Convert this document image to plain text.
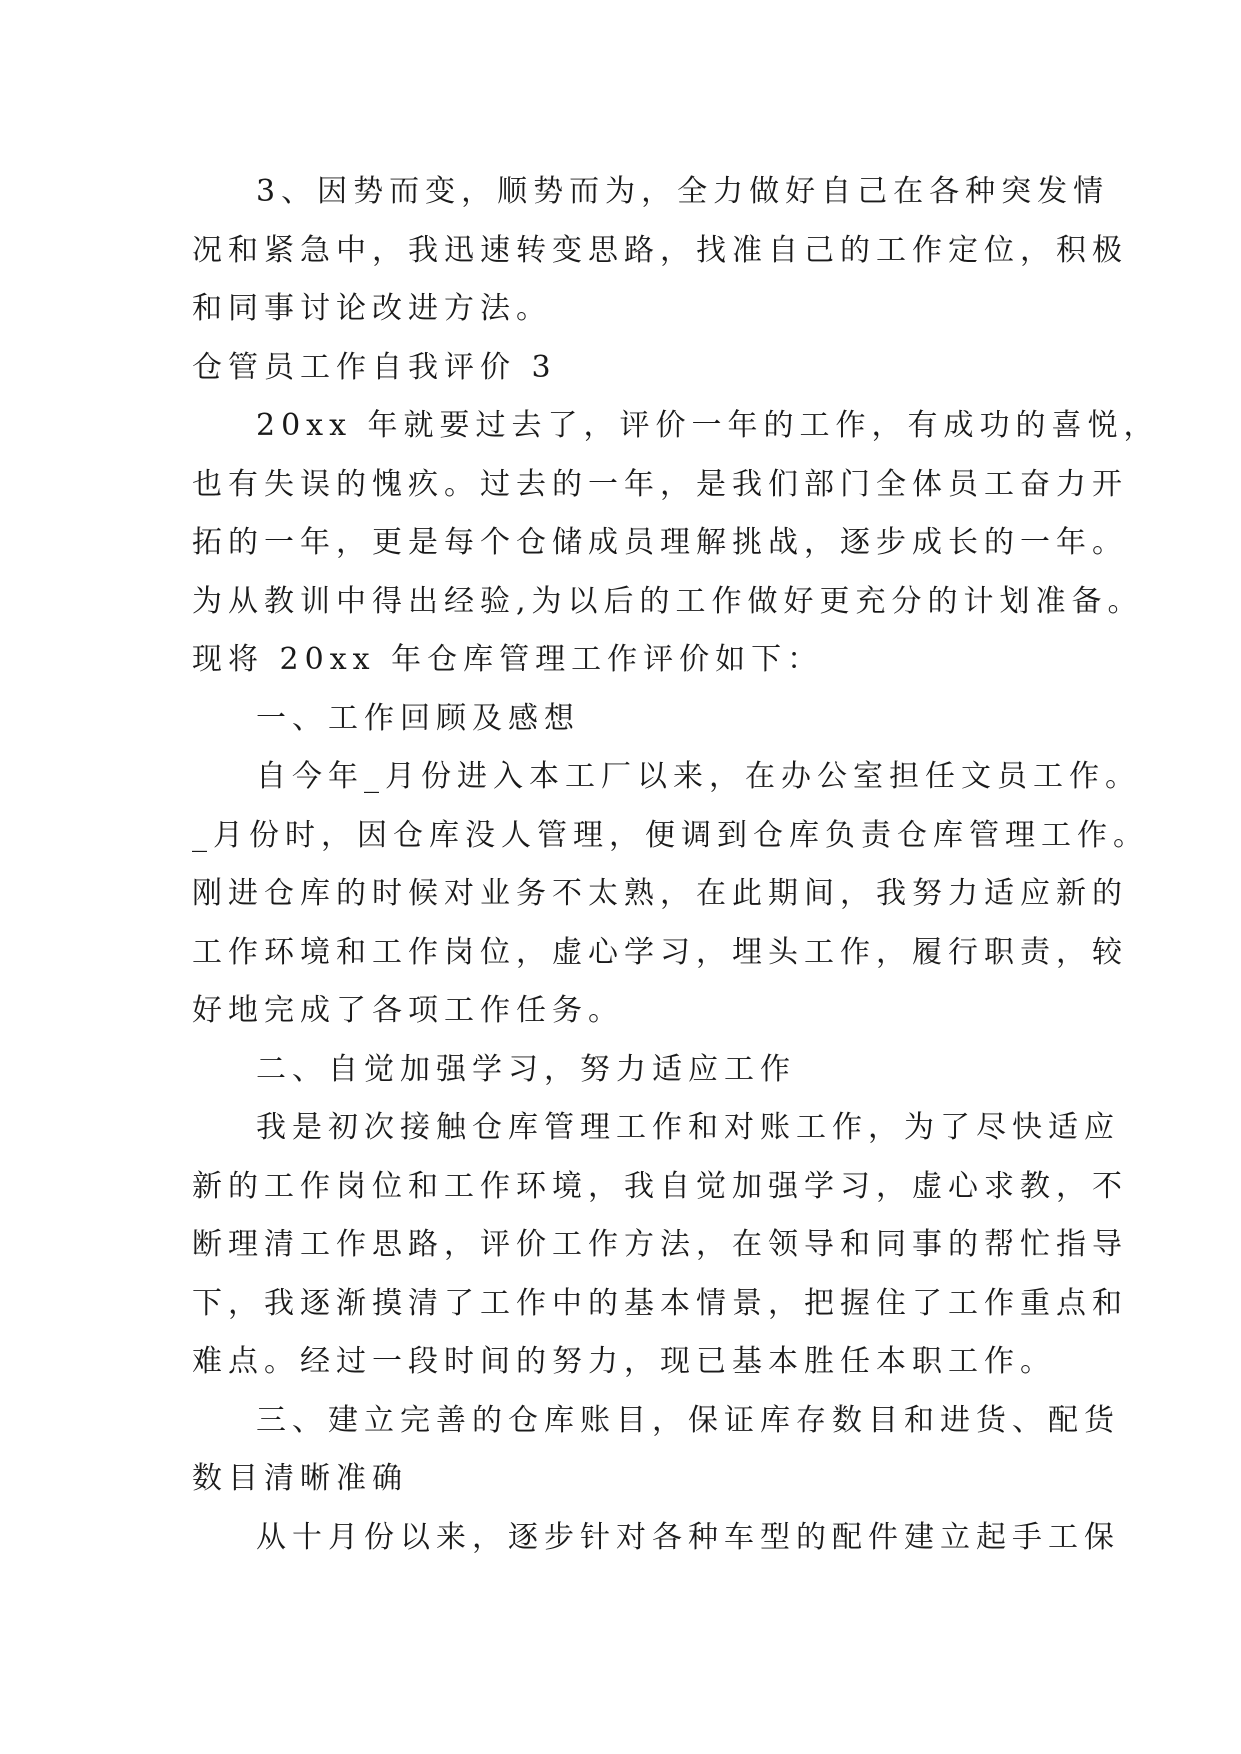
3、因势而变，顺势而为，全力做好自己在各种突发情
况和紧急中，我迅速转变思路，找准自己的工作定位，积极
和同事讨论改进方法。
仓管员工作自我评价 3
20xx 年就要过去了，评价一年的工作，有成功的喜悦，
也有失误的愧疚。过去的一年，是我们部门全体员工奋力开
拓的一年，更是每个仓储成员理解挑战，逐步成长的一年。
为从教训中得出经验,为以后的工作做好更充分的计划准备。
现将 20xx 年仓库管理工作评价如下：
一、工作回顾及感想
自今年_月份进入本工厂以来，在办公室担任文员工作。
_月份时，因仓库没人管理，便调到仓库负责仓库管理工作。
刚进仓库的时候对业务不太熟，在此期间，我努力适应新的
工作环境和工作岗位，虚心学习，埋头工作，履行职责，较
好地完成了各项工作任务。
二、自觉加强学习，努力适应工作
我是初次接触仓库管理工作和对账工作，为了尽快适应
新的工作岗位和工作环境，我自觉加强学习，虚心求教，不
断理清工作思路，评价工作方法，在领导和同事的帮忙指导
下，我逐渐摸清了工作中的基本情景，把握住了工作重点和
难点。经过一段时间的努力，现已基本胜任本职工作。
三、建立完善的仓库账目，保证库存数目和进货、配货
数目清晰准确
从十月份以来，逐步针对各种车型的配件建立起手工保
